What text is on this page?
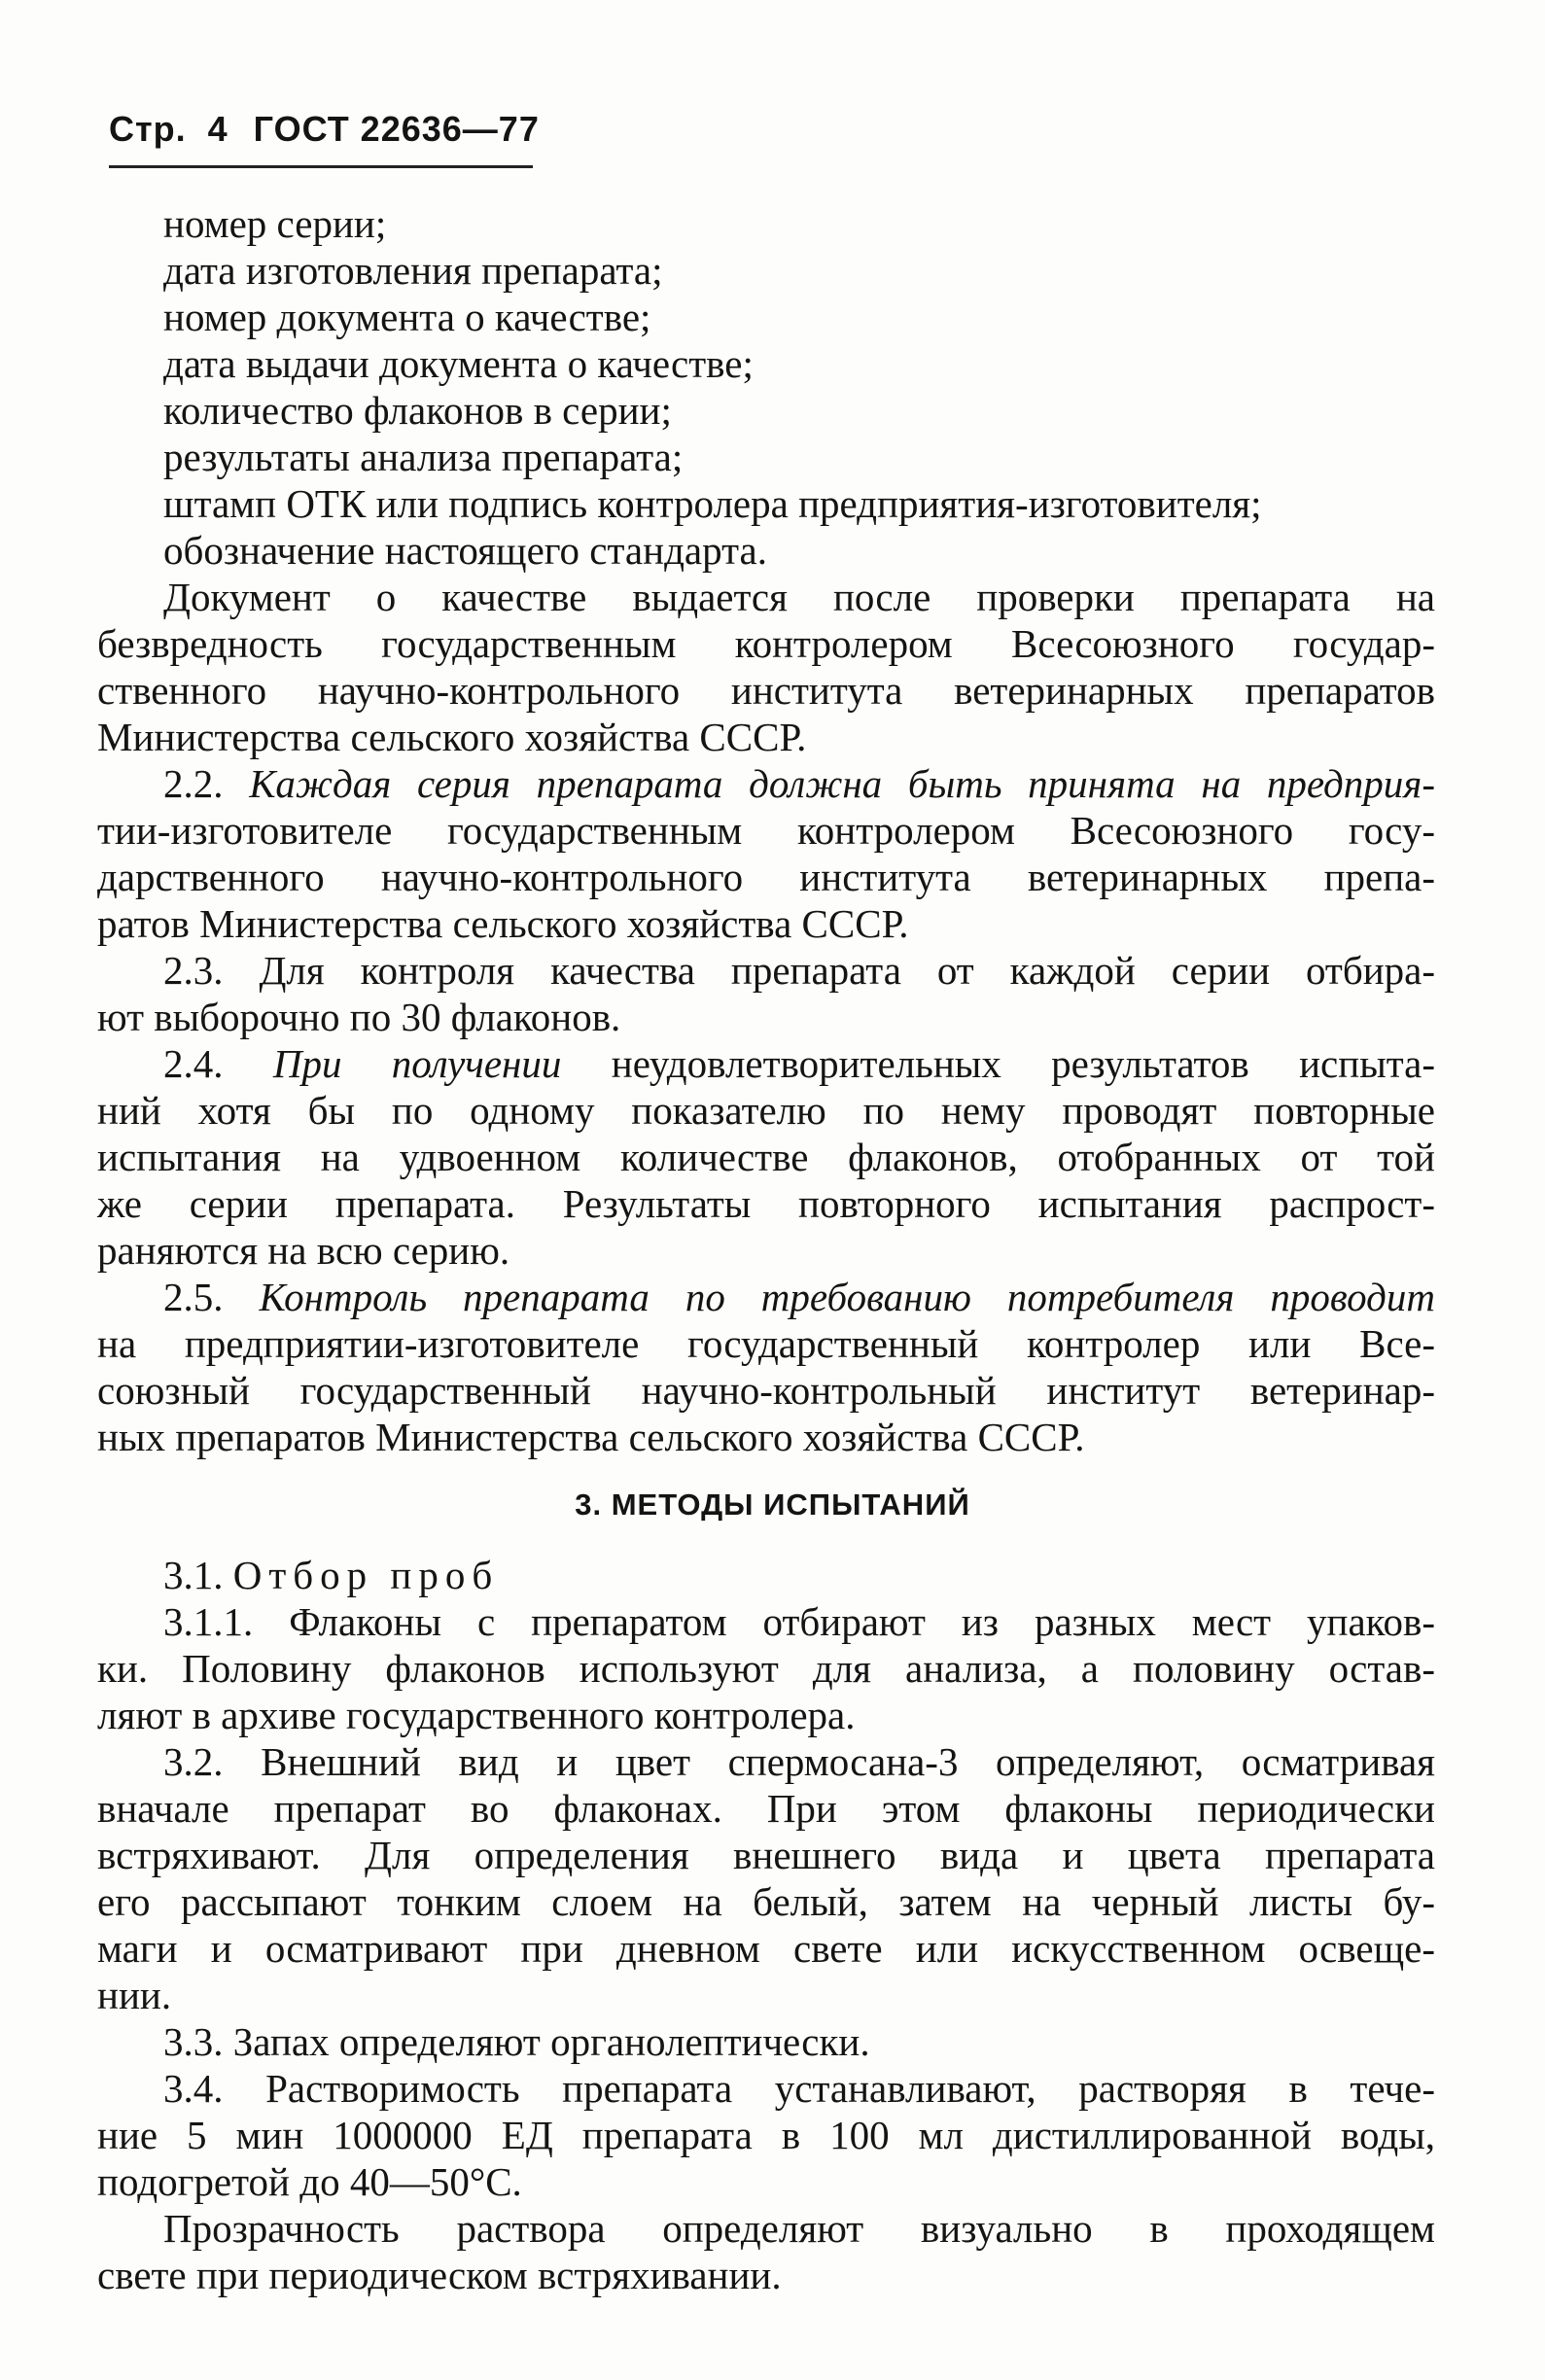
Стр. 4 ГОСТ 22636—77
номер серии;
дата изготовления препарата;
номер документа о качестве;
дата выдачи документа о качестве;
количество флаконов в серии;
результаты анализа препарата;
штамп ОТК или подпись контролера предприятия-изготовителя;
обозначение настоящего стандарта.
Документ о качестве выдается после проверки препарата на
безвредность государственным контролером Всесоюзного государ-
ственного научно-контрольного института ветеринарных препаратов
Министерства сельского хозяйства СССР.
2.2. Каждая серия препарата должна быть принята на предприя-
тии-изготовителе государственным контролером Всесоюзного госу-
дарственного научно-контрольного института ветеринарных препа-
ратов Министерства сельского хозяйства СССР.
2.3. Для контроля качества препарата от каждой серии отбира-
ют выборочно по 30 флаконов.
2.4. При получении неудовлетворительных результатов испыта-
ний хотя бы по одному показателю по нему проводят повторные
испытания на удвоенном количестве флаконов, отобранных от той
же серии препарата. Результаты повторного испытания распрост-
раняются на всю серию.
2.5. Контроль препарата по требованию потребителя проводит
на предприятии-изготовителе государственный контролер или Все-
союзный государственный научно-контрольный институт ветеринар-
ных препаратов Министерства сельского хозяйства СССР.
3. МЕТОДЫ ИСПЫТАНИЙ
3.1. Отбор проб
3.1.1. Флаконы с препаратом отбирают из разных мест упаков-
ки. Половину флаконов используют для анализа, а половину остав-
ляют в архиве государственного контролера.
3.2. Внешний вид и цвет спермосана-3 определяют, осматривая
вначале препарат во флаконах. При этом флаконы периодически
встряхивают. Для определения внешнего вида и цвета препарата
его рассыпают тонким слоем на белый, затем на черный листы бу-
маги и осматривают при дневном свете или искусственном освеще-
нии.
3.3. Запах определяют органолептически.
3.4. Растворимость препарата устанавливают, растворяя в тече-
ние 5 мин 1000000 ЕД препарата в 100 мл дистиллированной воды,
подогретой до 40—50°C.
Прозрачность раствора определяют визуально в проходящем
свете при периодическом встряхивании.
